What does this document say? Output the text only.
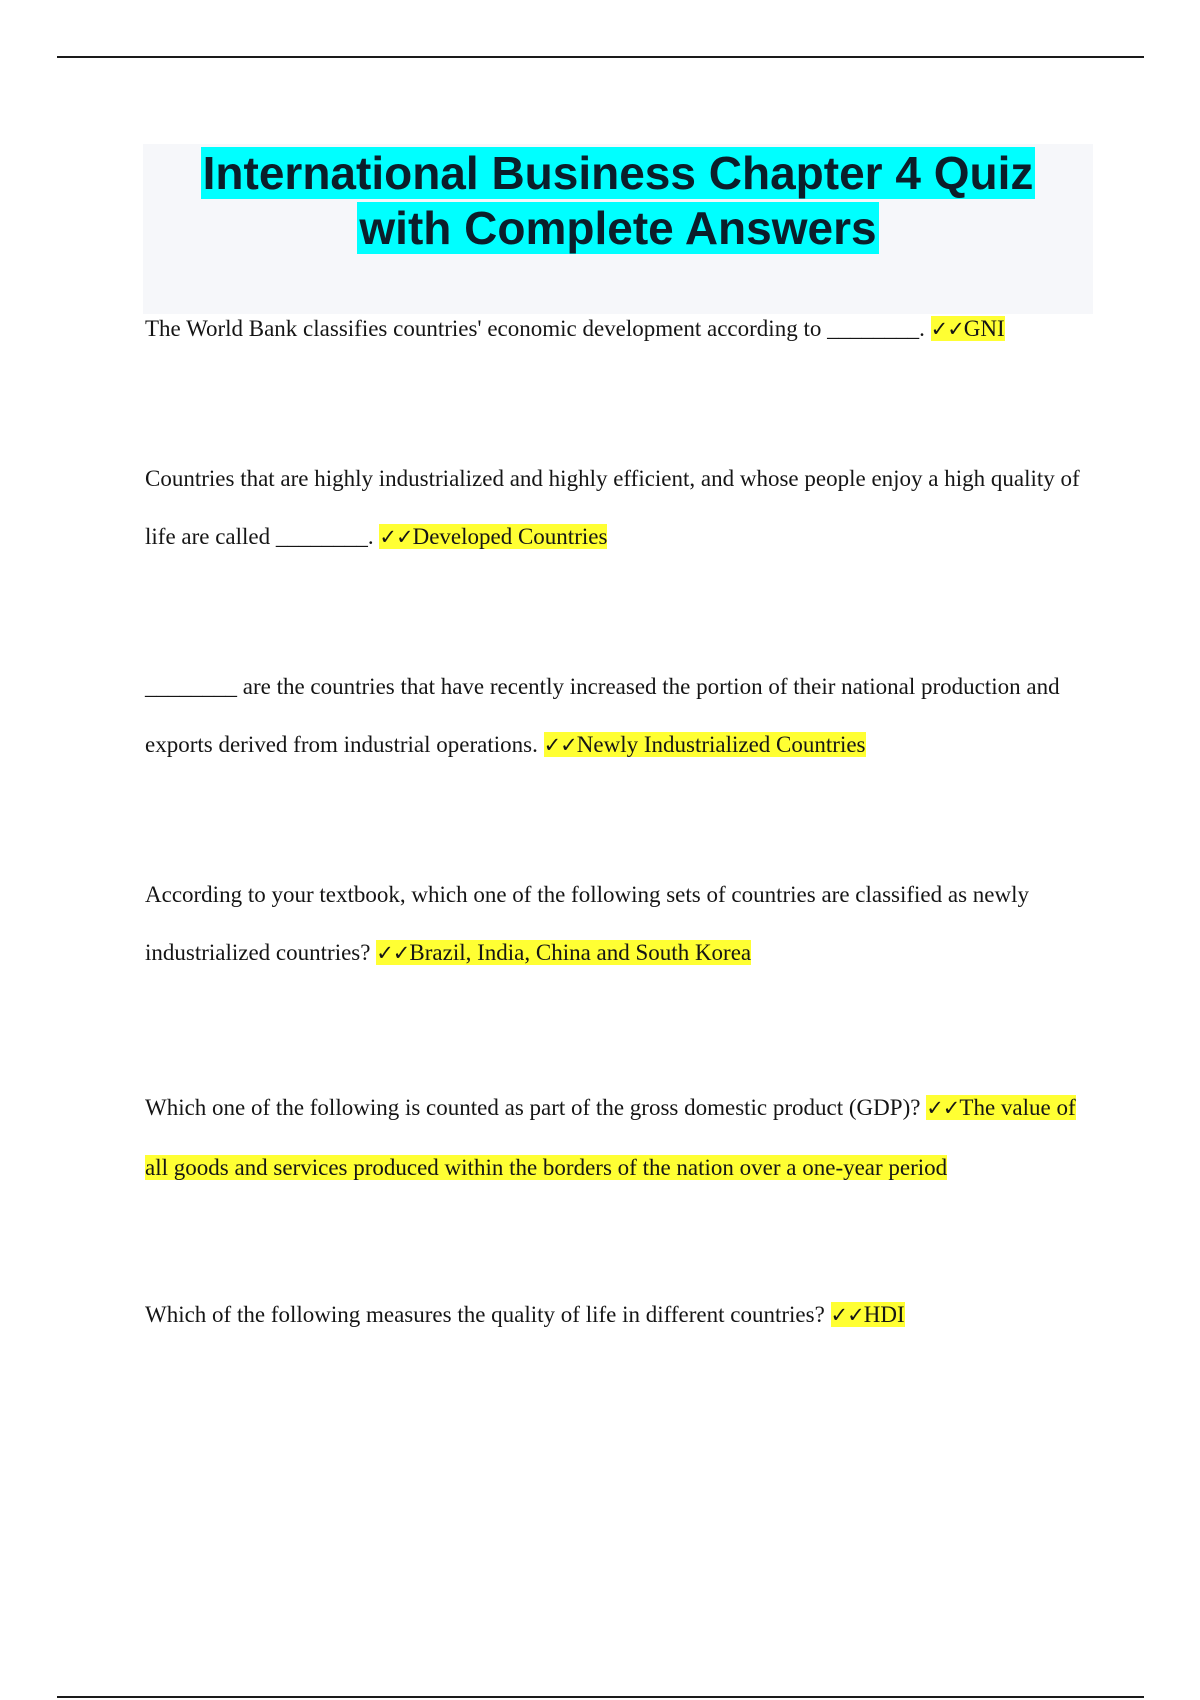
International Business Chapter 4 Quiz
with Complete Answers

The World Bank classifies countries' economic development according to ________. ✓✓GNI

Countries that are highly industrialized and highly efficient, and whose people enjoy a high quality of life are called ________. ✓✓Developed Countries

________ are the countries that have recently increased the portion of their national production and exports derived from industrial operations. ✓✓Newly Industrialized Countries

According to your textbook, which one of the following sets of countries are classified as newly industrialized countries? ✓✓Brazil, India, China and South Korea

Which one of the following is counted as part of the gross domestic product (GDP)? ✓✓The value of all goods and services produced within the borders of the nation over a one-year period

Which of the following measures the quality of life in different countries? ✓✓HDI
